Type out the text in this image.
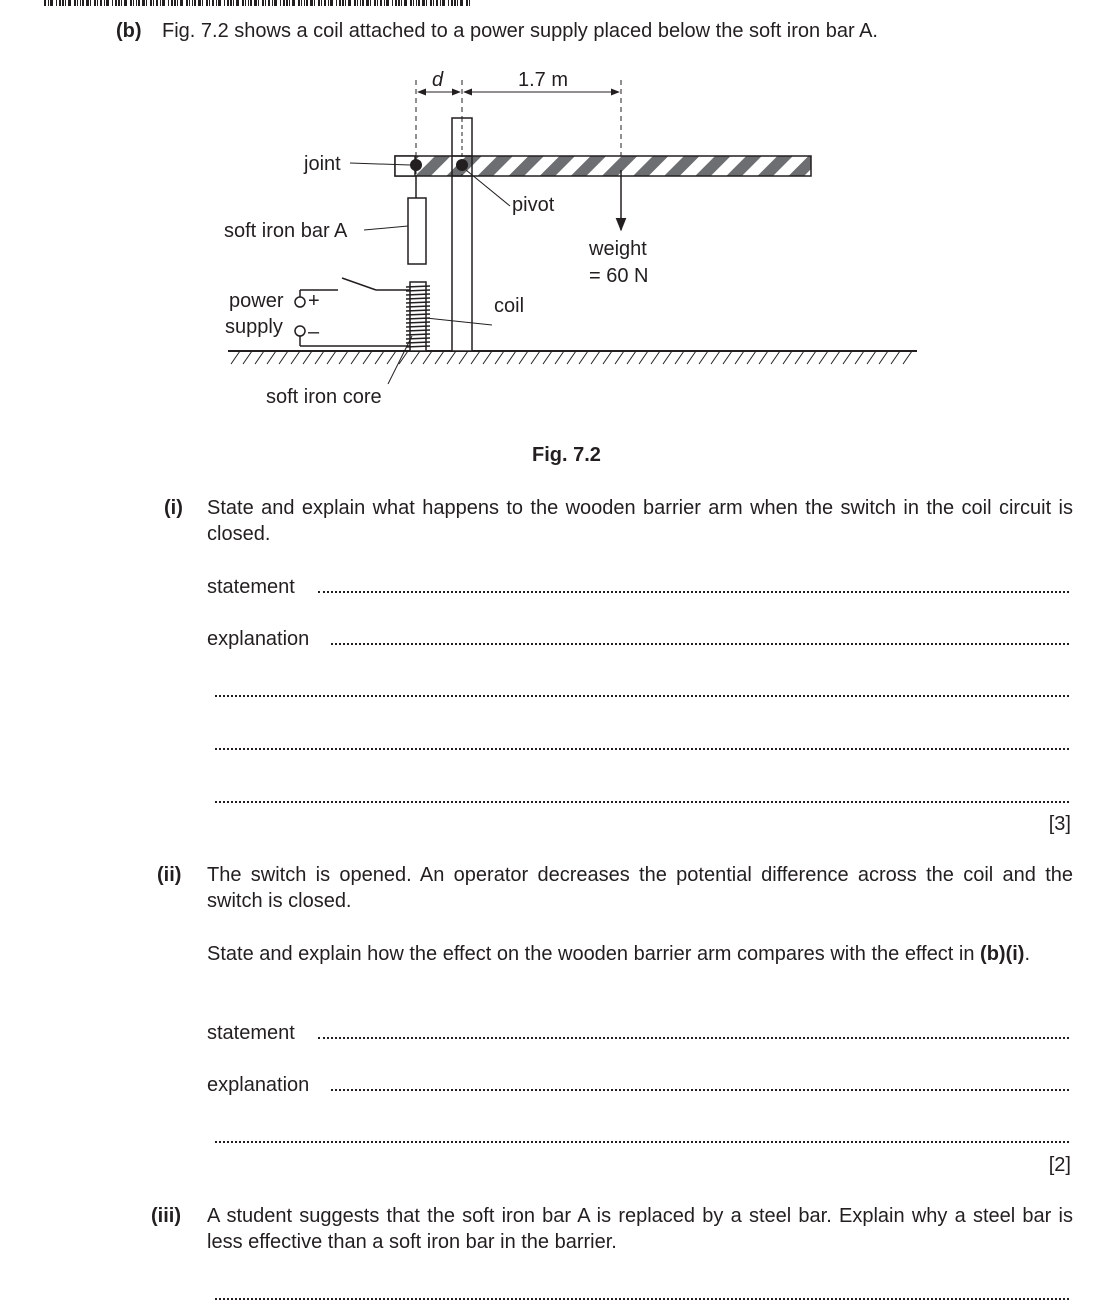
(b) Fig. 7.2 shows a coil attached to a power supply placed below the soft iron bar A.
d	1.7 m
joint
pivot
soft iron bar A
weight
= 60 N
power
supply
+
–
coil
soft iron core
Fig. 7.2
(i) State and explain what happens to the wooden barrier arm when the switch in the coil circuit is closed.
statement
explanation
[3]
(ii) The switch is opened. An operator decreases the potential difference across the coil and the switch is closed.
State and explain how the effect on the wooden barrier arm compares with the effect in (b)(i).
statement
explanation
[2]
(iii) A student suggests that the soft iron bar A is replaced by a steel bar. Explain why a steel bar is less effective than a soft iron bar in the barrier.
